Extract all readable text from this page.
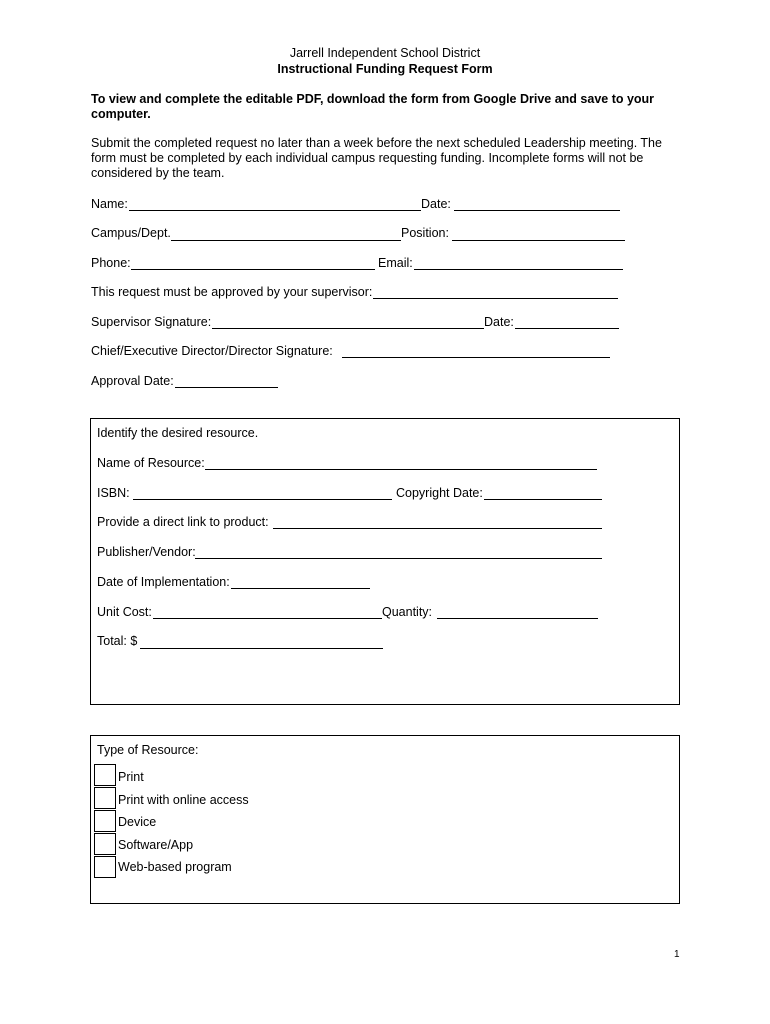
Jarrell Independent School District
Instructional Funding Request Form
To view and complete the editable PDF, download the form from Google Drive and save to your computer.
Submit the completed request no later than a week before the next scheduled Leadership meeting. The form must be completed by each individual campus requesting funding. Incomplete forms will not be considered by the team.
Name:	Date:
Campus/Dept.	Position:
Phone:	Email:
This request must be approved by your supervisor:
Supervisor Signature:	Date:
Chief/Executive Director/Director Signature:
Approval Date:
Identify the desired resource.
Name of Resource:
ISBN:	Copyright Date:
Provide a direct link to product:
Publisher/Vendor:
Date of Implementation:
Unit Cost:	Quantity:
Total: $
Type of Resource:
Print
Print with online access
Device
Software/App
Web-based program
1
